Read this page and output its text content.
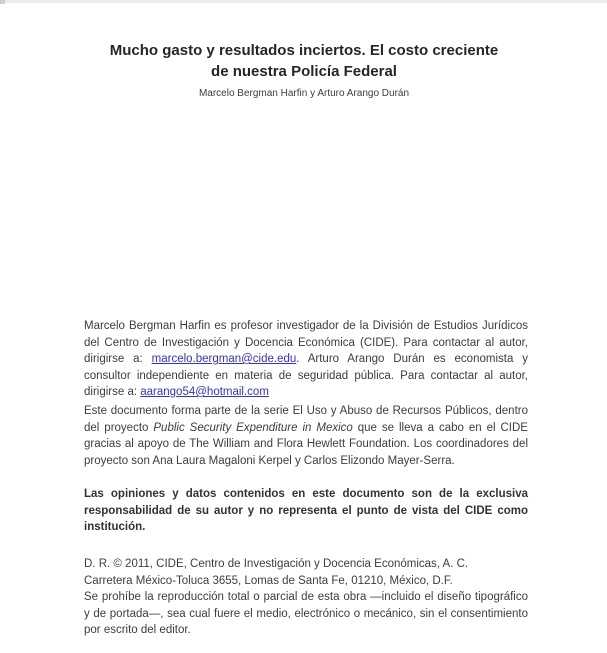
Mucho gasto y resultados inciertos. El costo creciente
de nuestra Policía Federal
Marcelo Bergman Harfin y Arturo Arango Durán

Marcelo Bergman Harfin es profesor investigador de la División de Estudios Jurídicos del Centro de Investigación y Docencia Económica (CIDE). Para contactar al autor, dirigirse a: marcelo.bergman@cide.edu. Arturo Arango Durán es economista y consultor independiente en materia de seguridad pública. Para contactar al autor, dirigirse a: aarango54@hotmail.com

Este documento forma parte de la serie El Uso y Abuso de Recursos Públicos, dentro del proyecto Public Security Expenditure in Mexico que se lleva a cabo en el CIDE gracias al apoyo de The William and Flora Hewlett Foundation. Los coordinadores del proyecto son Ana Laura Magaloni Kerpel y Carlos Elizondo Mayer-Serra.

Las opiniones y datos contenidos en este documento son de la exclusiva responsabilidad de su autor y no representa el punto de vista del CIDE como institución.

D. R. © 2011, CIDE, Centro de Investigación y Docencia Económicas, A. C.
Carretera México-Toluca 3655, Lomas de Santa Fe, 01210, México, D.F.
Se prohíbe la reproducción total o parcial de esta obra —incluido el diseño tipográfico y de portada—, sea cual fuere el medio, electrónico o mecánico, sin el consentimiento por escrito del editor.
